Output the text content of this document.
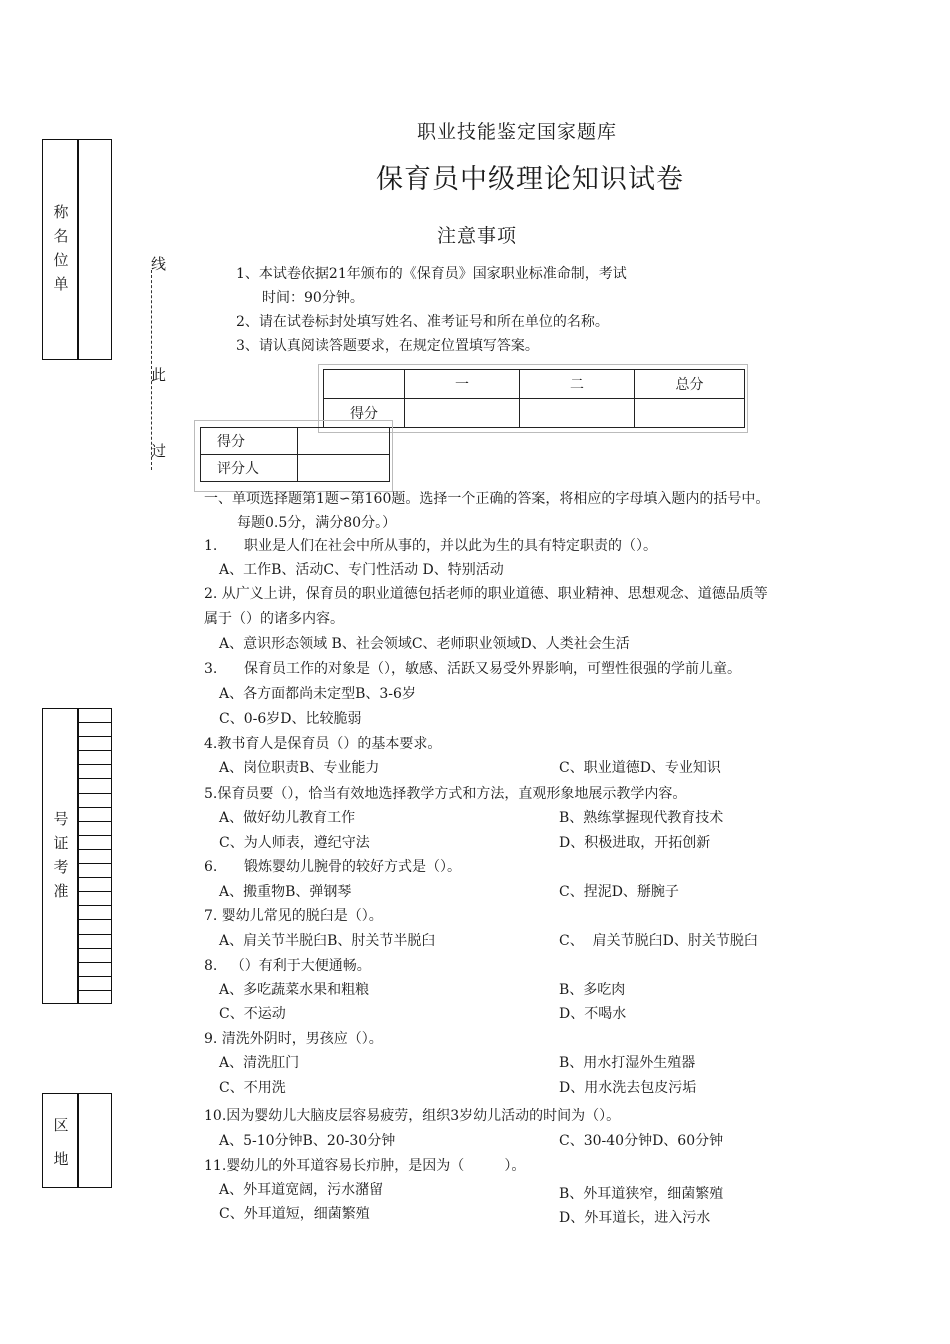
称
名
位
单
号
证
考
准
区
地
线
此
过
职业技能鉴定国家题库
保育员中级理论知识试卷
注意事项
1、本试卷依据21年颁布的《保育员》国家职业标准命制，考试
时间：90分钟。
2、请在试卷标封处填写姓名、准考证号和所在单位的名称。
3、请认真阅读答题要求，在规定位置填写答案。
	一	二	总分
得分			
得分	
评分人	
一、单项选择题第1题∽第160题。选择一个正确的答案，将相应的字母填入题内的括号中。
每题0.5分，满分80分。）
1.      职业是人们在社会中所从事的，并以此为生的具有特定职责的（）。
A、工作B、活动C、专门性活动 D、特别活动
2. 从广义上讲，保育员的职业道德包括老师的职业道德、职业精神、思想观念、道德品质等
属于（）的诸多内容。
A、意识形态领域 B、社会领域C、老师职业领域D、人类社会生活
3.      保育员工作的对象是（），敏感、活跃又易受外界影响，可塑性很强的学前儿童。
A、各方面都尚未定型B、3-6岁
C、0-6岁D、比较脆弱
4.教书育人是保育员（）的基本要求。
A、岗位职责B、专业能力	C、职业道德D、专业知识
5.保育员要（），恰当有效地选择教学方式和方法，直观形象地展示教学内容。
A、做好幼儿教育工作	B、熟练掌握现代教育技术
C、为人师表，遵纪守法	D、积极进取，开拓创新
6.      锻炼婴幼儿腕骨的较好方式是（）。
A、搬重物B、弹钢琴	C、捏泥D、掰腕子
7. 婴幼儿常见的脱臼是（）。
A、肩关节半脱臼B、肘关节半脱臼	C、  肩关节脱臼D、肘关节脱臼
8.   （）有利于大便通畅。
A、多吃蔬菜水果和粗粮	B、多吃肉
C、不运动	D、不喝水
9. 清洗外阴时，男孩应（）。
A、清洗肛门	B、用水打湿外生殖器
C、不用洗	D、用水洗去包皮污垢
10.因为婴幼儿大脑皮层容易疲劳，组织3岁幼儿活动的时间为（）。
A、5-10分钟B、20-30分钟	C、30-40分钟D、60分钟
11.婴幼儿的外耳道容易长疖肿，是因为（         ）。
A、外耳道宽阔，污水潴留	B、外耳道狭窄，细菌繁殖
C、外耳道短，细菌繁殖	D、外耳道长，进入污水
